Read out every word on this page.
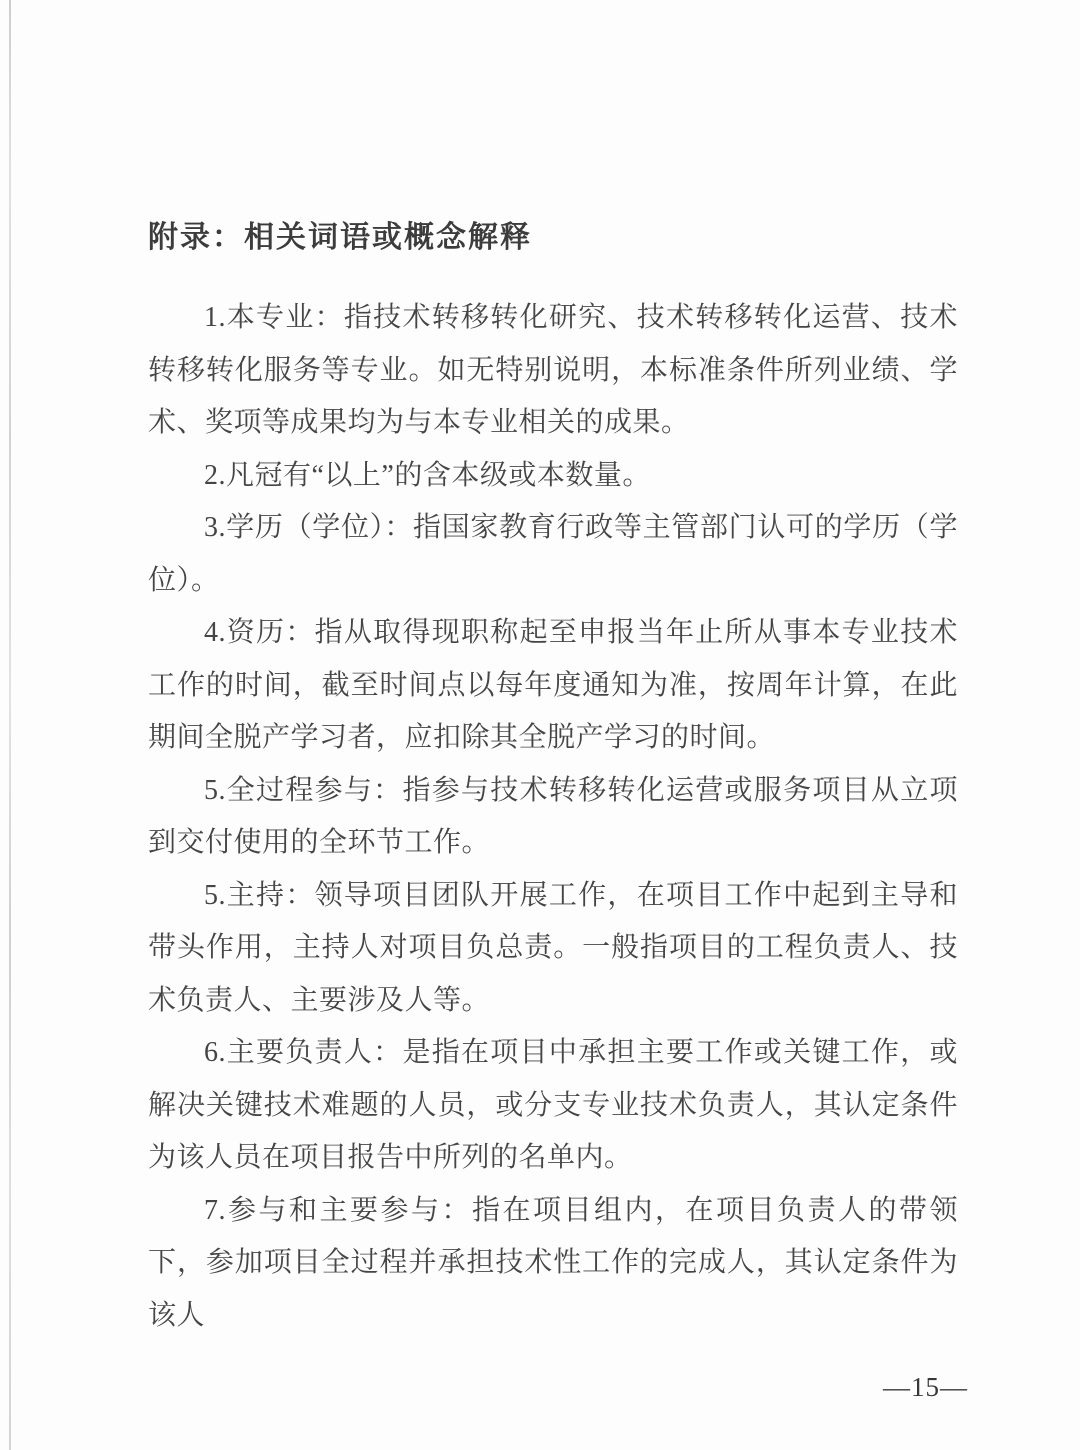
附录：相关词语或概念解释

1.本专业：指技术转移转化研究、技术转移转化运营、技术转移转化服务等专业。如无特别说明，本标准条件所列业绩、学术、奖项等成果均为与本专业相关的成果。

2.凡冠有“以上”的含本级或本数量。

3.学历（学位）：指国家教育行政等主管部门认可的学历（学位）。

4.资历：指从取得现职称起至申报当年止所从事本专业技术工作的时间，截至时间点以每年度通知为准，按周年计算，在此期间全脱产学习者，应扣除其全脱产学习的时间。

5.全过程参与：指参与技术转移转化运营或服务项目从立项到交付使用的全环节工作。

5.主持：领导项目团队开展工作，在项目工作中起到主导和带头作用，主持人对项目负总责。一般指项目的工程负责人、技术负责人、主要涉及人等。

6.主要负责人：是指在项目中承担主要工作或关键工作，或解决关键技术难题的人员，或分支专业技术负责人，其认定条件为该人员在项目报告中所列的名单内。

7.参与和主要参与：指在项目组内，在项目负责人的带领下，参加项目全过程并承担技术性工作的完成人，其认定条件为该人

—15—
